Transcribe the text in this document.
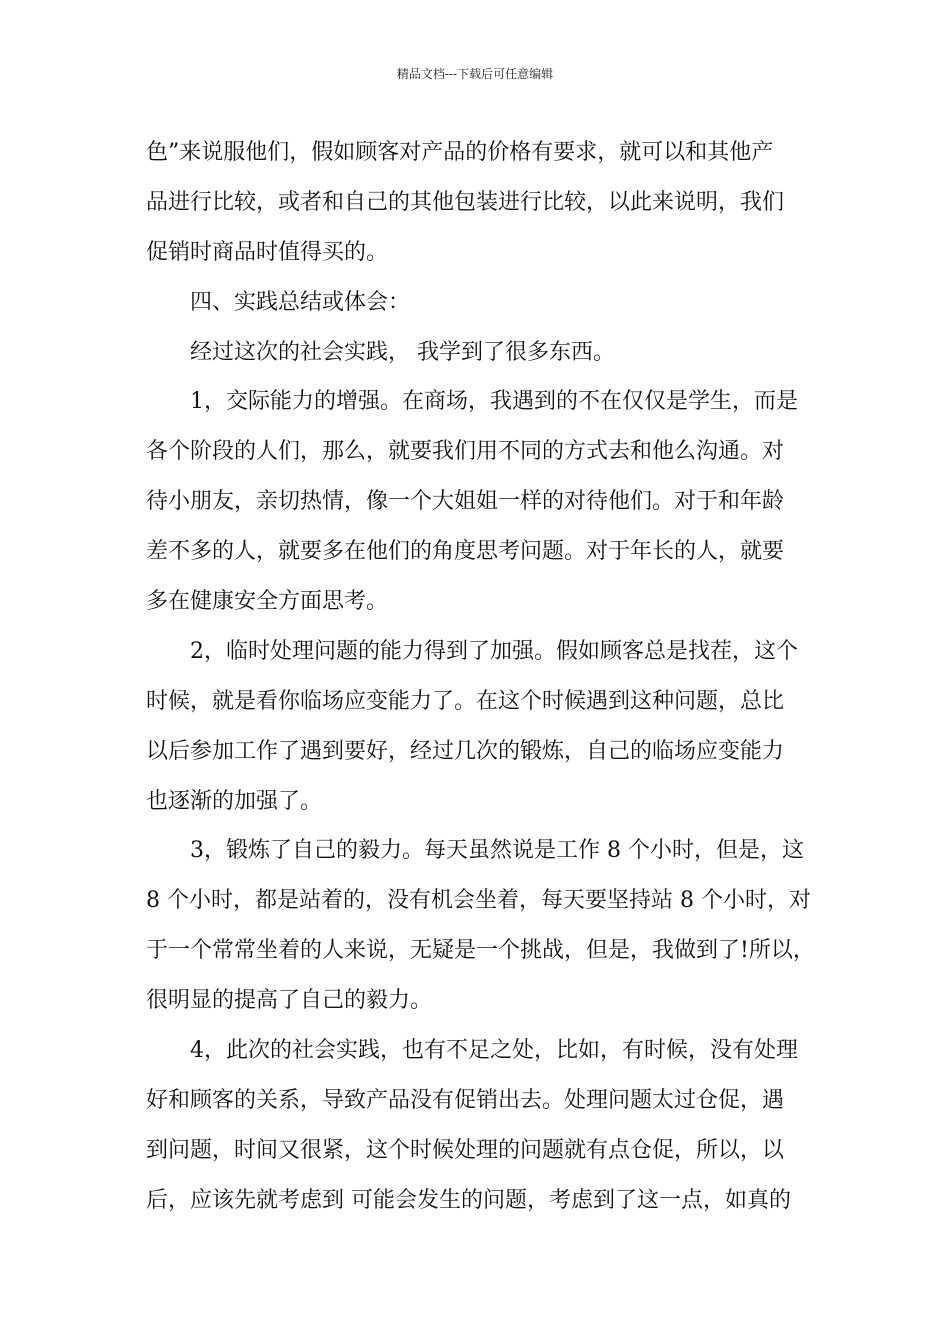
精品文档---下载后可任意编辑
色”来说服他们，假如顾客对产品的价格有要求，就可以和其他产
品进行比较，或者和自己的其他包装进行比较，以此来说明，我们
促销时商品时值得买的。
四、实践总结或体会：
经过这次的社会实践， 我学到了很多东西。
1，交际能力的增强。在商场，我遇到的不在仅仅是学生，而是
各个阶段的人们，那么，就要我们用不同的方式去和他么沟通。对
待小朋友，亲切热情，像一个大姐姐一样的对待他们。对于和年龄
差不多的人，就要多在他们的角度思考问题。对于年长的人，就要
多在健康安全方面思考。
2，临时处理问题的能力得到了加强。假如顾客总是找茬，这个
时候，就是看你临场应变能力了。在这个时候遇到这种问题，总比
以后参加工作了遇到要好，经过几次的锻炼，自己的临场应变能力
也逐渐的加强了。
3，锻炼了自己的毅力。每天虽然说是工作 8 个小时，但是，这
8 个小时，都是站着的，没有机会坐着，每天要坚持站 8 个小时，对
于一个常常坐着的人来说，无疑是一个挑战，但是，我做到了!所以，
很明显的提高了自己的毅力。
4，此次的社会实践，也有不足之处，比如，有时候，没有处理
好和顾客的关系，导致产品没有促销出去。处理问题太过仓促，遇
到问题，时间又很紧，这个时候处理的问题就有点仓促，所以，以
后，应该先就考虑到 可能会发生的问题，考虑到了这一点，如真的
